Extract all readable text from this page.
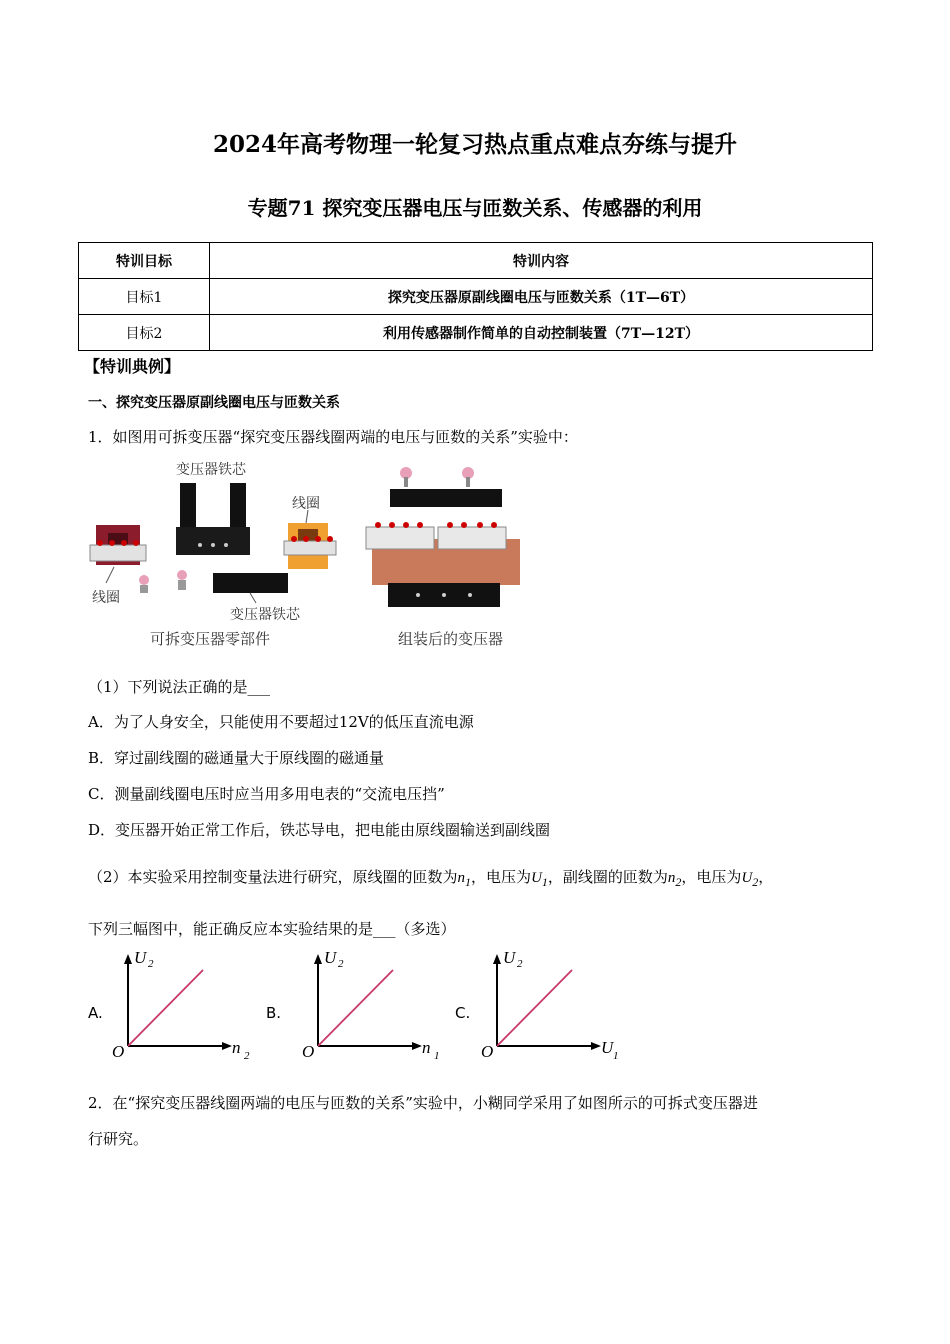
2024年高考物理一轮复习热点重点难点夯练与提升
专题71 探究变压器电压与匝数关系、传感器的利用
特训目标	特训内容
目标1	探究变压器原副线圈电压与匝数关系（1T—6T）
目标2	利用传感器制作简单的自动控制装置（7T—12T）
【特训典例】
一、探究变压器原副线圈电压与匝数关系
1．如图用可拆变压器“探究变压器线圈两端的电压与匝数的关系”实验中：
变压器铁芯
线圈
线圈
变压器铁芯
可拆变压器零部件	组装后的变压器
（1）下列说法正确的是___
A．为了人身安全，只能使用不要超过12V的低压直流电源
B．穿过副线圈的磁通量大于原线圈的磁通量
C．测量副线圈电压时应当用多用电表的“交流电压挡”
D．变压器开始正常工作后，铁芯导电，把电能由原线圈输送到副线圈
（2）本实验采用控制变量法进行研究，原线圈的匝数为$n_1$，电压为$U_1$，副线圈的匝数为$n_2$，电压为$U_2$，
下列三幅图中，能正确反应本实验结果的是___（多选）
A.
U 2
O	n 2
B.
U 2
O	n 1
C.
U 2
O	U 1
2．在“探究变压器线圈两端的电压与匝数的关系”实验中，小糊同学采用了如图所示的可拆式变压器进
行研究。
